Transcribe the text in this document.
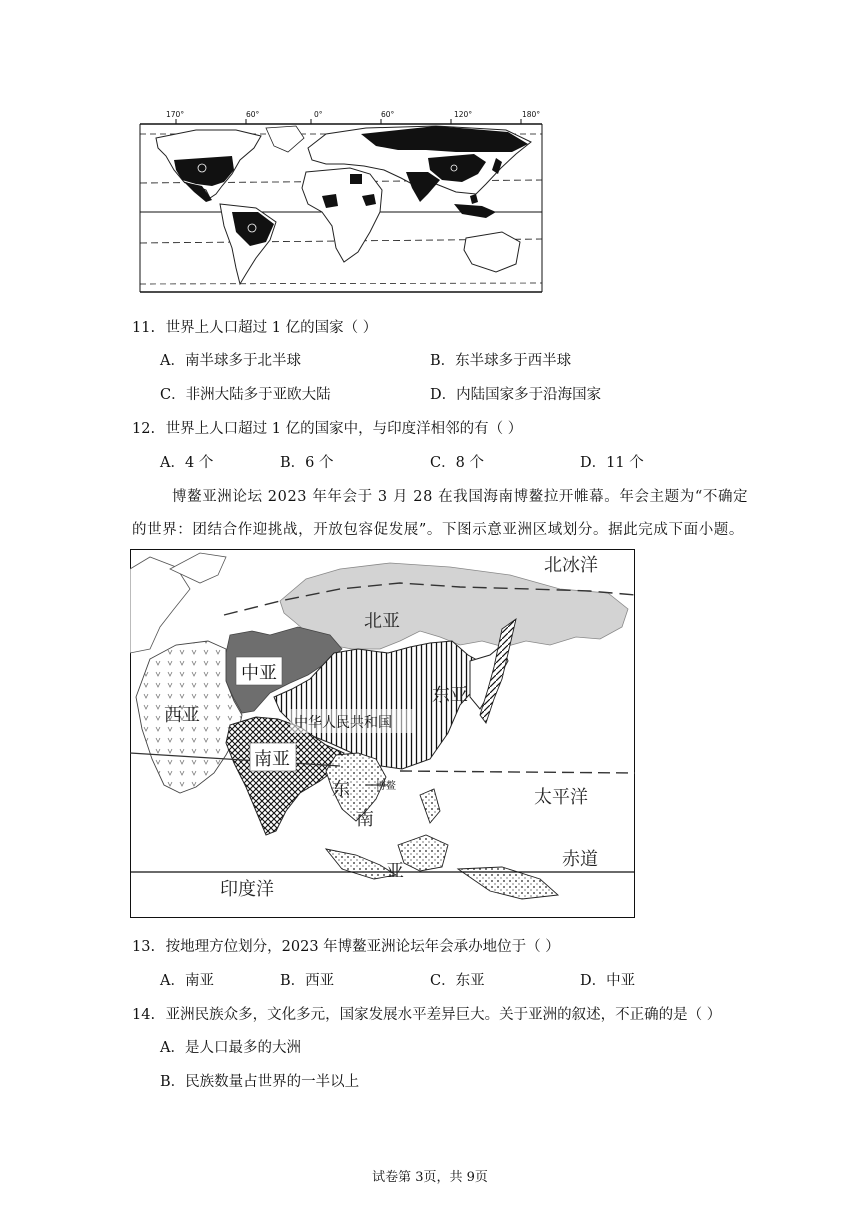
170°	60°	0°	60°	120°	180°
11. 世界上人口超过 1 亿的国家（ ）
A．南半球多于北半球	B．东半球多于西半球
C．非洲大陆多于亚欧大陆	D．内陆国家多于沿海国家
12. 世界上人口超过 1 亿的国家中，与印度洋相邻的有（ ）
A．4 个	B．6 个	C．8 个	D．11 个
博鳌亚洲论坛 2023 年年会于 3 月 28 在我国海南博鳌拉开帷幕。年会主题为“不确定
的世界：团结合作迎挑战，开放包容促发展”。下图示意亚洲区域划分。据此完成下面小题。
北冰洋
北亚
东亚
西亚
东
南
亚
太平洋
赤道
印度洋
中亚
南亚
中华人民共和国
博鳌
13. 按地理方位划分，2023 年博鳌亚洲论坛年会承办地位于（ ）
A．南亚	B．西亚	C．东亚	D．中亚
14. 亚洲民族众多，文化多元，国家发展水平差异巨大。关于亚洲的叙述，不正确的是（ ）
A．是人口最多的大洲
B．民族数量占世界的一半以上
试卷第 3页，共 9页
